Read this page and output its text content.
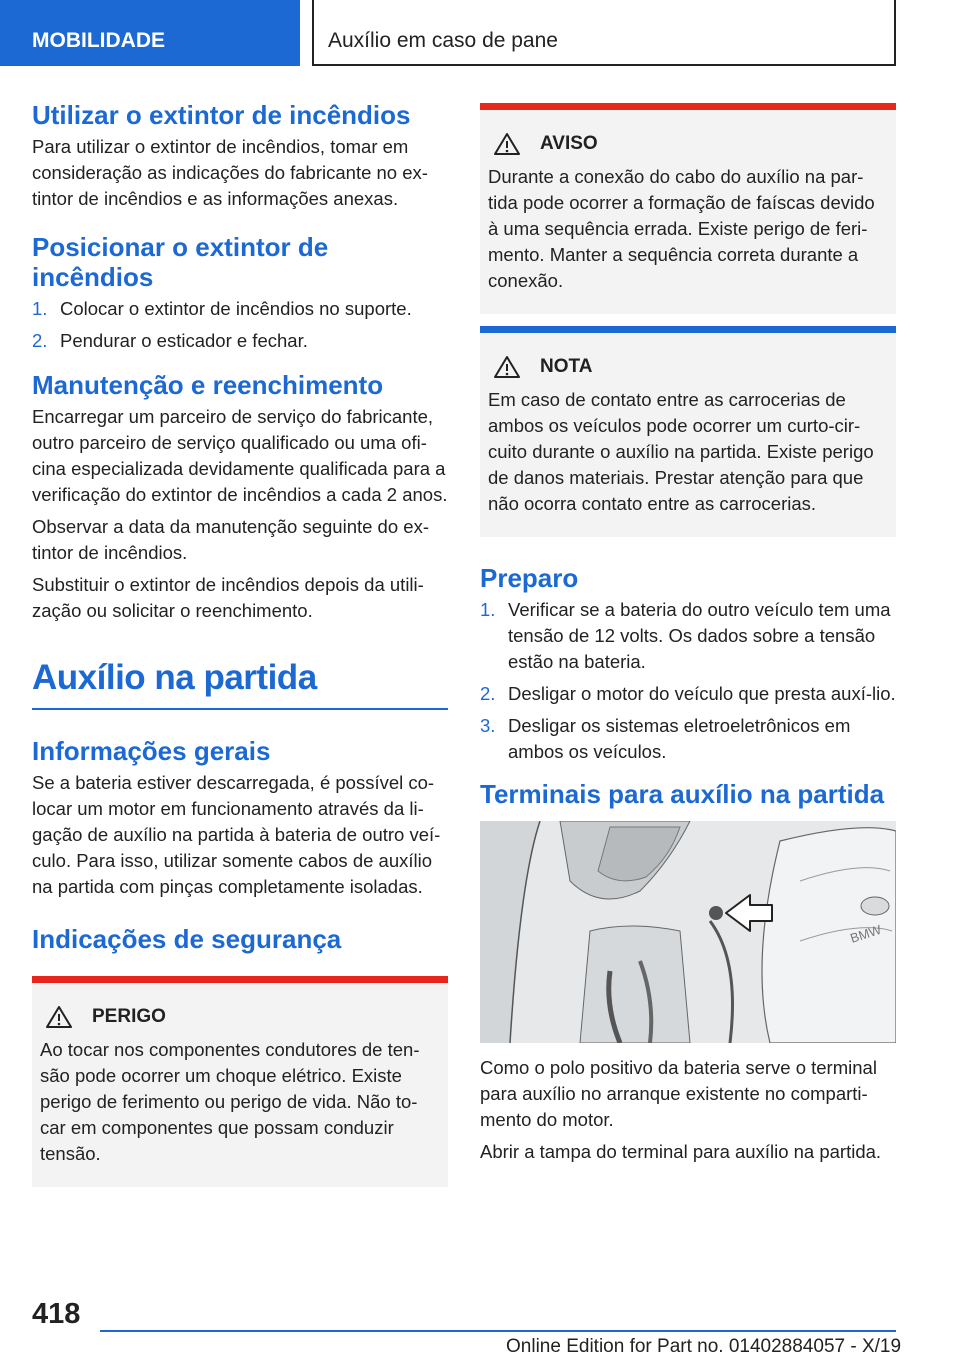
MOBILIDADE	Auxílio em caso de pane
Utilizar o extintor de incêndios

Para utilizar o extintor de incêndios, tomar em consideração as indicações do fabricante no ex-tintor de incêndios e as informações anexas.

Posicionar o extintor de incêndios
1. Colocar o extintor de incêndios no suporte.
2. Pendurar o esticador e fechar.
Manutenção e reenchimento

Encarregar um parceiro de serviço do fabricante, outro parceiro de serviço qualificado ou uma ofi-cina especializada devidamente qualificada para a verificação do extintor de incêndios a cada 2 anos.

Observar a data da manutenção seguinte do ex-tintor de incêndios.

Substituir o extintor de incêndios depois da utili-zação ou solicitar o reenchimento.

Auxílio na partida
Informações gerais

Se a bateria estiver descarregada, é possível co-locar um motor em funcionamento através da li-gação de auxílio na partida à bateria de outro veí-culo. Para isso, utilizar somente cabos de auxílio na partida com pinças completamente isoladas.

Indicações de segurança
PERIGO

Ao tocar nos componentes condutores de ten-são pode ocorrer um choque elétrico. Existe perigo de ferimento ou perigo de vida. Não to-car em componentes que possam conduzir tensão.

AVISO

Durante a conexão do cabo do auxílio na par-tida pode ocorrer a formação de faíscas devido à uma sequência errada. Existe perigo de feri-mento. Manter a sequência correta durante a conexão.

NOTA

Em caso de contato entre as carrocerias de ambos os veículos pode ocorrer um curto-cir-cuito durante o auxílio na partida. Existe perigo de danos materiais. Prestar atenção para que não ocorra contato entre as carrocerias.

Preparo
1. Verificar se a bateria do outro veículo tem uma tensão de 12 volts. Os dados sobre a tensão estão na bateria.
2. Desligar o motor do veículo que presta auxí-lio.
3. Desligar os sistemas eletroeletrônicos em ambos os veículos.
Terminais para auxílio na partida
BMW

Como o polo positivo da bateria serve o terminal para auxílio no arranque existente no comparti-mento do motor.

Abrir a tampa do terminal para auxílio na partida.

418
Online Edition for Part no. 01402884057 - X/19
